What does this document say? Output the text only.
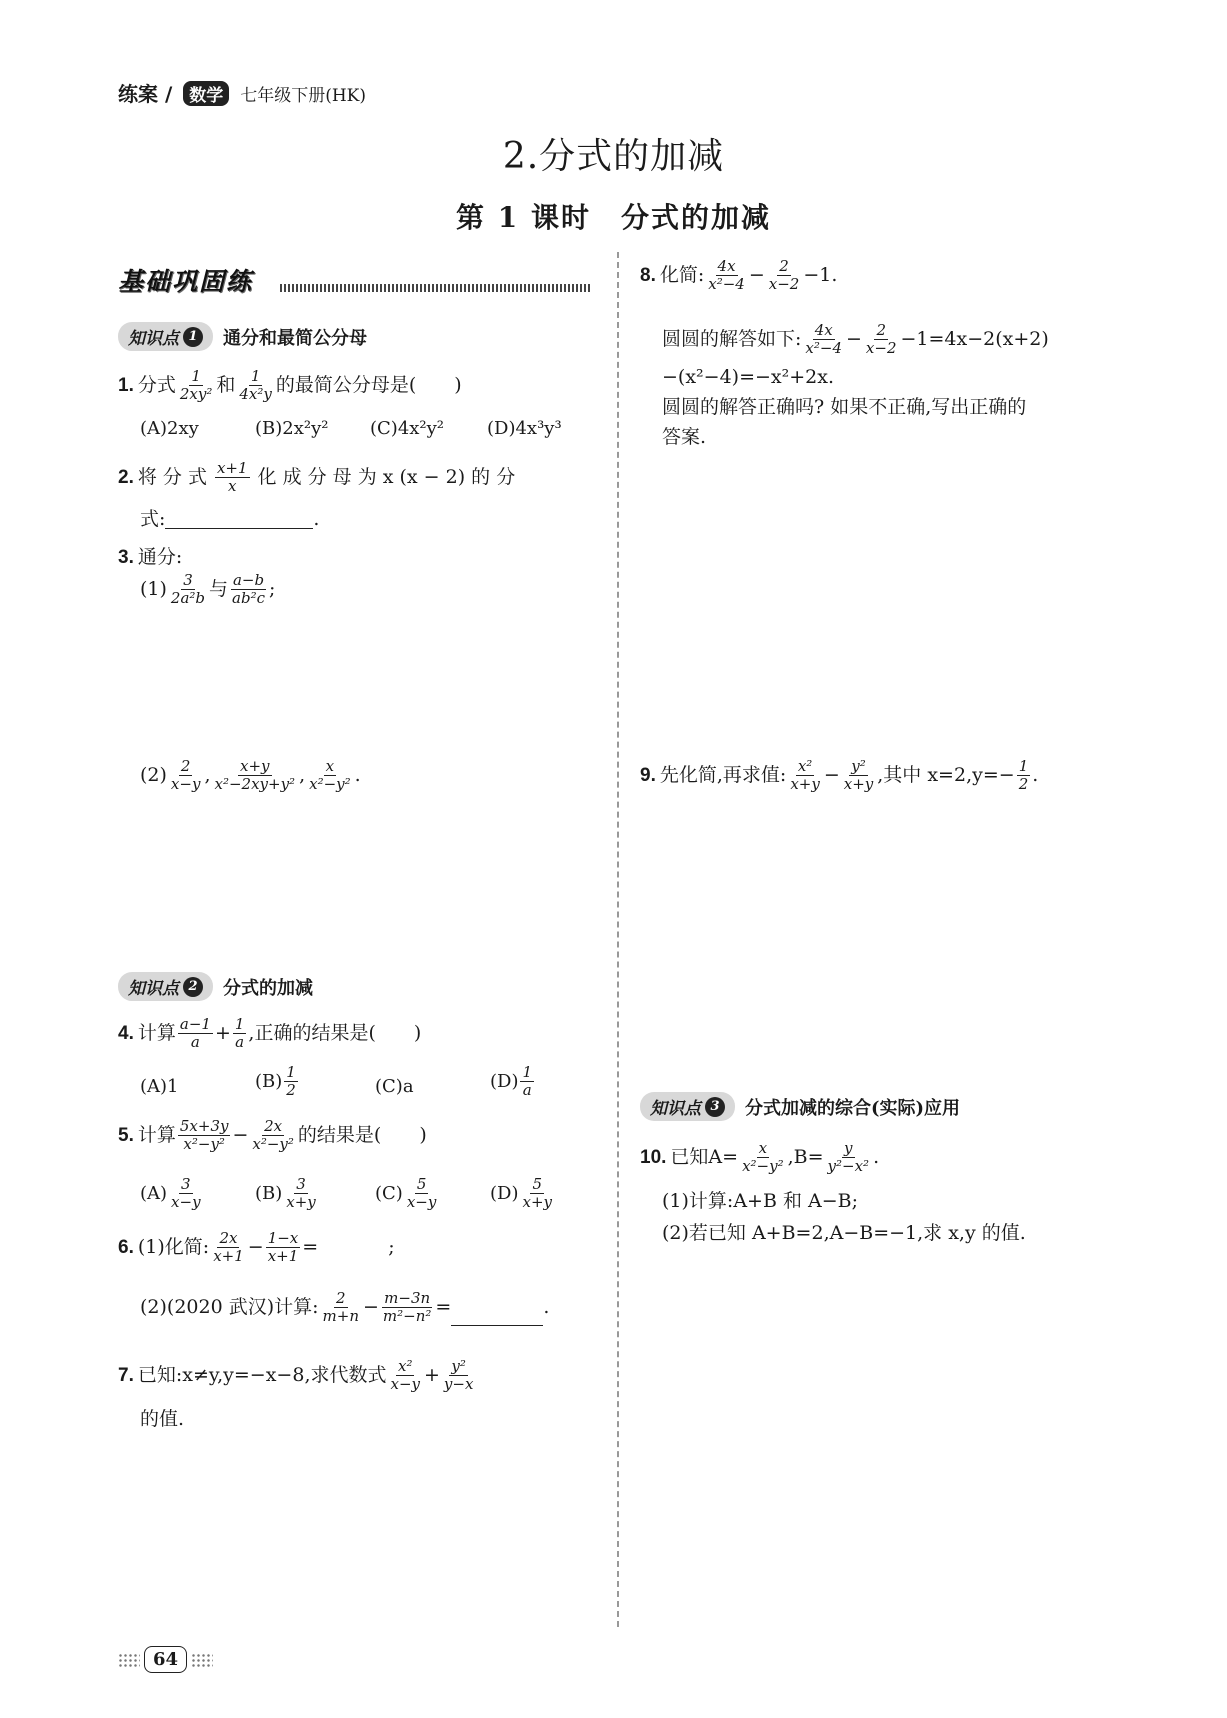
练案 / 数学 七年级下册(HK)
2.分式的加减
第 1 课时　分式的加减
基础巩固练
知识点 1	通分和最简公分母
1. 分式 $\frac{1}{\text{2xy²}}$ 和 $\frac{1}{\text{4x²y}}$ 的最简公分母是(　　)
(A)2xy	(B)2x²y² (C)4x²y² (D)4x³y³
2. 将 分 式 $\frac{x+1}{x}$ 化 成 分 母 为 x (x − 2) 的 分
式:	.
3. 通分:
$(1) \frac{3}{\text{2a²b}}$ 与 $\frac{a-b}{\text{ab²c}}$ ;
$(2) \frac{2}{x-y}$ , $\frac{x+y}{\text{x²−2xy+y²}}$ , $\frac{x}{\text{x²−y²}}$ .
知识点 2	分式的加减
4. 计算 $\frac{a-1}{a} + \frac{1}{a}$ ,正确的结果是(　　)
(A)1	$(B) \frac{1}{2}$	(C)a	$(D) \frac{1}{a}$
5. 计算 $\frac{5x+3y}{\text{x²−y²}} - \frac{2x}{\text{x²−y²}}$ 的结果是(　　)
$(A) \frac{3}{x-y}$	$(B) \frac{3}{x+y}$	$(C) \frac{5}{x-y}$	$(D) \frac{5}{x+y}$
6. (1)化简: $\frac{2x}{x+1} - \frac{1-x}{x+1}$ =	;
(2)(2020 武汉)计算: $\frac{2}{m+n} - \frac{m-3n}{\text{m²−n²}}$ =	.
7. 已知:x≠y,y=−x−8,求代数式 $\frac{\text{x²}}{x-y} + \frac{\text{y²}}{y-x}$
的值.
8. 化简: $\frac{4x}{\text{x²−4}} - \frac{2}{x-2} -1$.
圆圆的解答如下: $\frac{4x}{\text{x²−4}} - \frac{2}{x-2} -1=4x-2(x+2)$
−(x²−4)=−x²+2x.
圆圆的解答正确吗? 如果不正确,写出正确的
答案.
9. 先化简,再求值: $\frac{\text{x²}}{x+y} - \frac{\text{y²}}{x+y}$ ,其中 $x=2,y=- \frac{1}{2}$ .
知识点 3	分式加减的综合(实际)应用
10. 已知$A= \frac{x}{\text{x²−y²}} ,B= \frac{y}{\text{y²−x²}}$ .
(1)计算:A+B 和 A−B;
(2)若已知 A+B=2,A−B=−1,求 x,y 的值.
64
